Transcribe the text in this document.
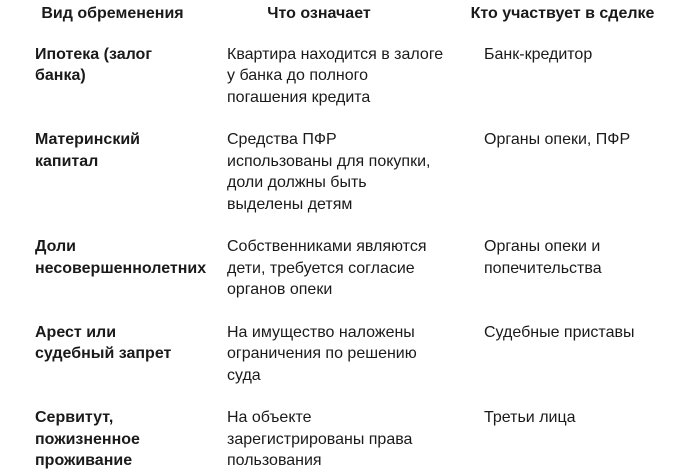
Вид обременения	Что означает	Кто участвует в сделке
Ипотека (залог банка)	Квартира находится в залоге у банка до полного погашения кредита	Банк-кредитор
Материнский капитал	Средства ПФР использованы для покупки, доли должны быть выделены детям	Органы опеки, ПФР
Доли несовершеннолетних	Собственниками являются дети, требуется согласие органов опеки	Органы опеки и попечительства
Арест или судебный запрет	На имущество наложены ограничения по решению суда	Судебные приставы
Сервитут, пожизненное проживание	На объекте зарегистрированы права пользования	Третьи лица
